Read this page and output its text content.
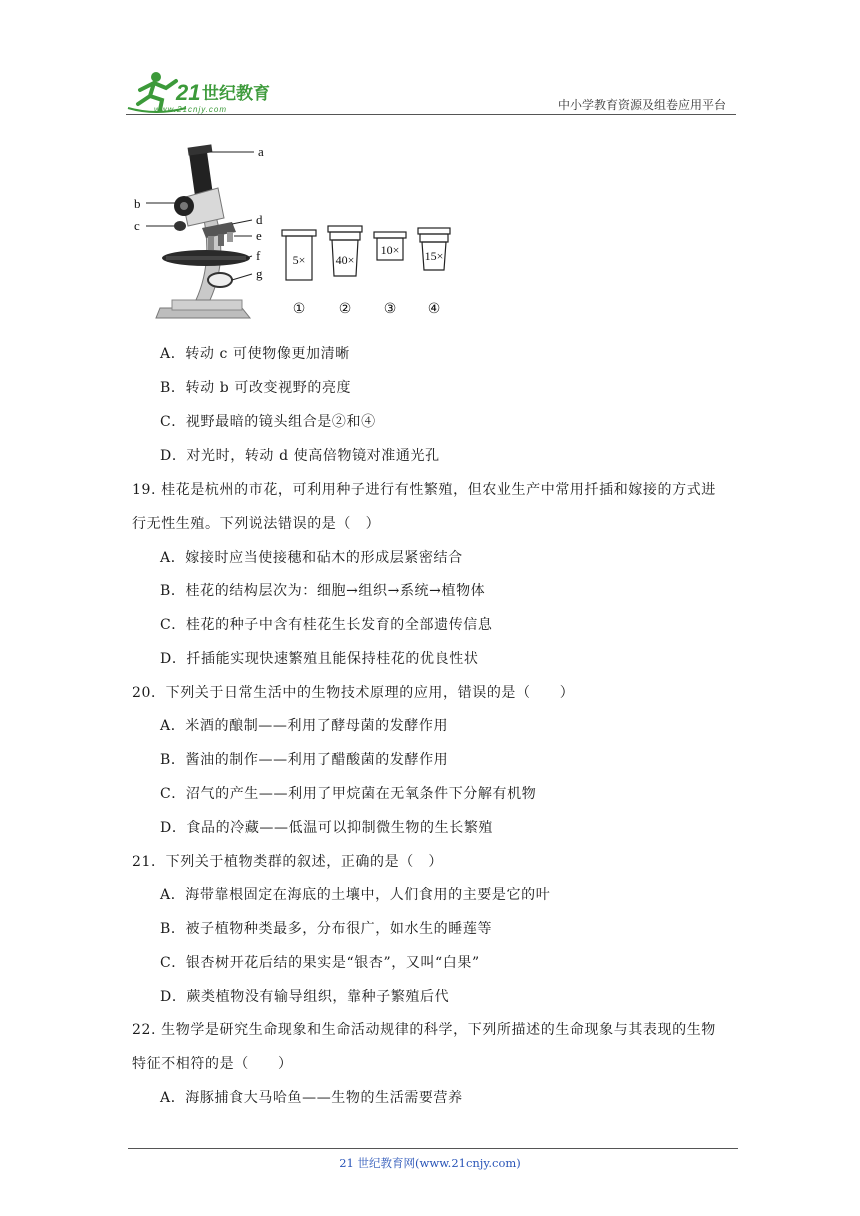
21 世纪教育
www.21cnjy.com	中小学教育资源及组卷应用平台
a
b
c	d
e
f
g
5×	40×
10× 15×
① ② ③ ④
A．转动 c 可使物像更加清晰
B．转动 b 可改变视野的亮度
C．视野最暗的镜头组合是②和④
D．对光时，转动 d 使高倍物镜对准通光孔
19. 桂花是杭州的市花，可利用种子进行有性繁殖，但农业生产中常用扦插和嫁接的方式进
行无性生殖。下列说法错误的是（　）
A．嫁接时应当使接穗和砧木的形成层紧密结合
B．桂花的结构层次为：细胞→组织→系统→植物体
C．桂花的种子中含有桂花生长发育的全部遗传信息
D．扦插能实现快速繁殖且能保持桂花的优良性状
20．下列关于日常生活中的生物技术原理的应用，错误的是（　　）
A．米酒的酿制——利用了酵母菌的发酵作用
B．酱油的制作——利用了醋酸菌的发酵作用
C．沼气的产生——利用了甲烷菌在无氧条件下分解有机物
D．食品的冷藏——低温可以抑制微生物的生长繁殖
21．下列关于植物类群的叙述，正确的是（　）
A．海带靠根固定在海底的土壤中，人们食用的主要是它的叶
B．被子植物种类最多，分布很广，如水生的睡莲等
C．银杏树开花后结的果实是“银杏”，又叫“白果”
D．蕨类植物没有输导组织，靠种子繁殖后代
22. 生物学是研究生命现象和生命活动规律的科学，下列所描述的生命现象与其表现的生物
特征不相符的是（　　）
A．海豚捕食大马哈鱼——生物的生活需要营养
21 世纪教育网(www.21cnjy.com)
